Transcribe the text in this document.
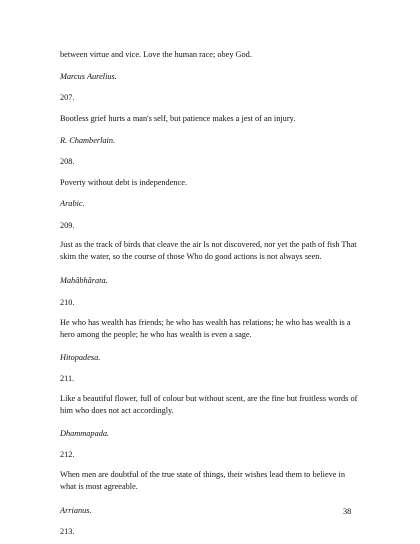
between virtue and vice. Love the human race; obey God.
Marcus Aurelius.
207.
Bootless grief hurts a man's self, but patience makes a jest of an injury.
R. Chamberlain.
208.
Poverty without debt is independence.
Arabic.
209.
Just as the track of birds that cleave the air Is not discovered, nor yet the path of fish That skim the water, so the course of those Who do good actions is not always seen.
Mahâbhârata.
210.
He who has wealth has friends; he who has wealth has relations; he who has wealth is a hero among the people; he who has wealth is even a sage.
Hitopadesa.
211.
Like a beautiful flower, full of colour but without scent, are the fine but fruitless words of him who does not act accordingly.
Dhammapada.
212.
When men are doubtful of the true state of things, their wishes lead them to believe in what is most agreeable.
Arrianus.
213.
38
